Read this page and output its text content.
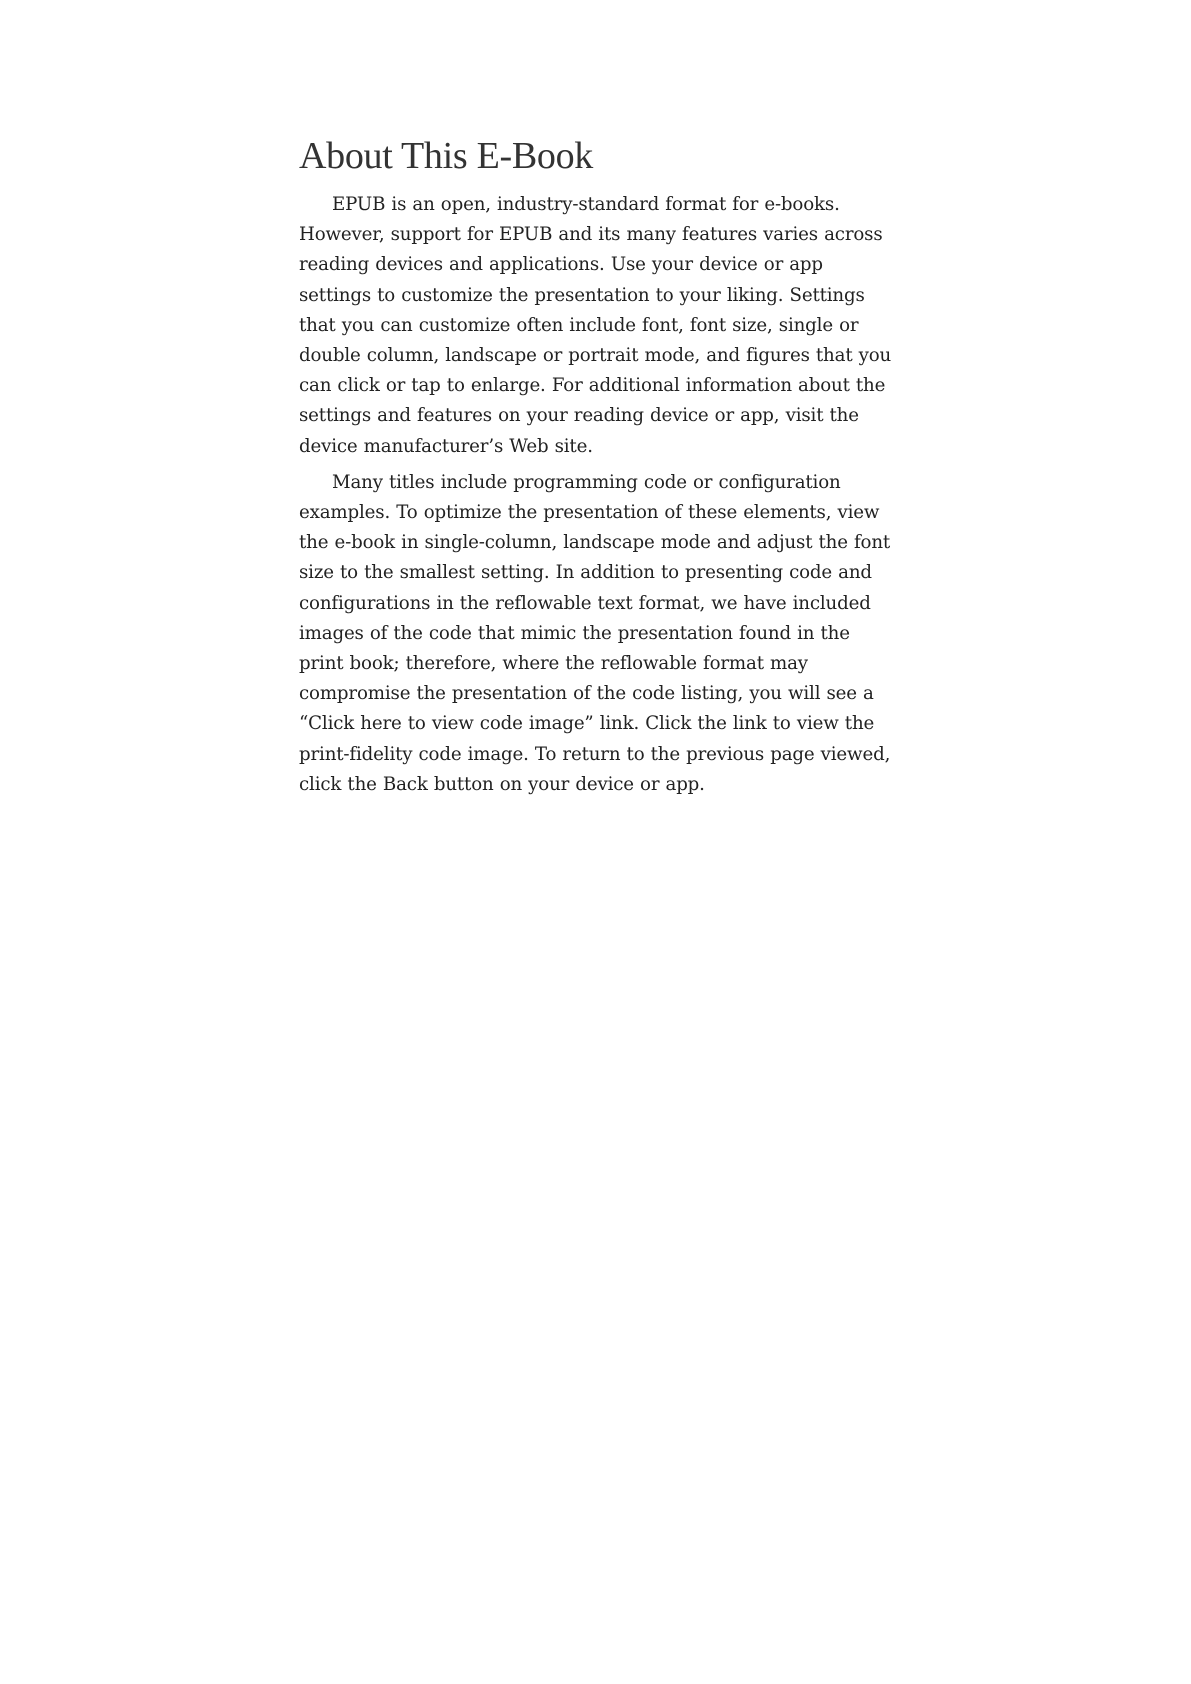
About This E-Book

EPUB is an open, industry-standard format for e-books. However, support for EPUB and its many features varies across reading devices and applications. Use your device or app settings to customize the presentation to your liking. Settings that you can customize often include font, font size, single or double column, landscape or portrait mode, and figures that you can click or tap to enlarge. For additional information about the settings and features on your reading device or app, visit the device manufacturer’s Web site.

Many titles include programming code or configuration examples. To optimize the presentation of these elements, view the e-book in single-column, landscape mode and adjust the font size to the smallest setting. In addition to presenting code and configurations in the reflowable text format, we have included images of the code that mimic the presentation found in the print book; therefore, where the reflowable format may compromise the presentation of the code listing, you will see a “Click here to view code image” link. Click the link to view the print-fidelity code image. To return to the previous page viewed, click the Back button on your device or app.
